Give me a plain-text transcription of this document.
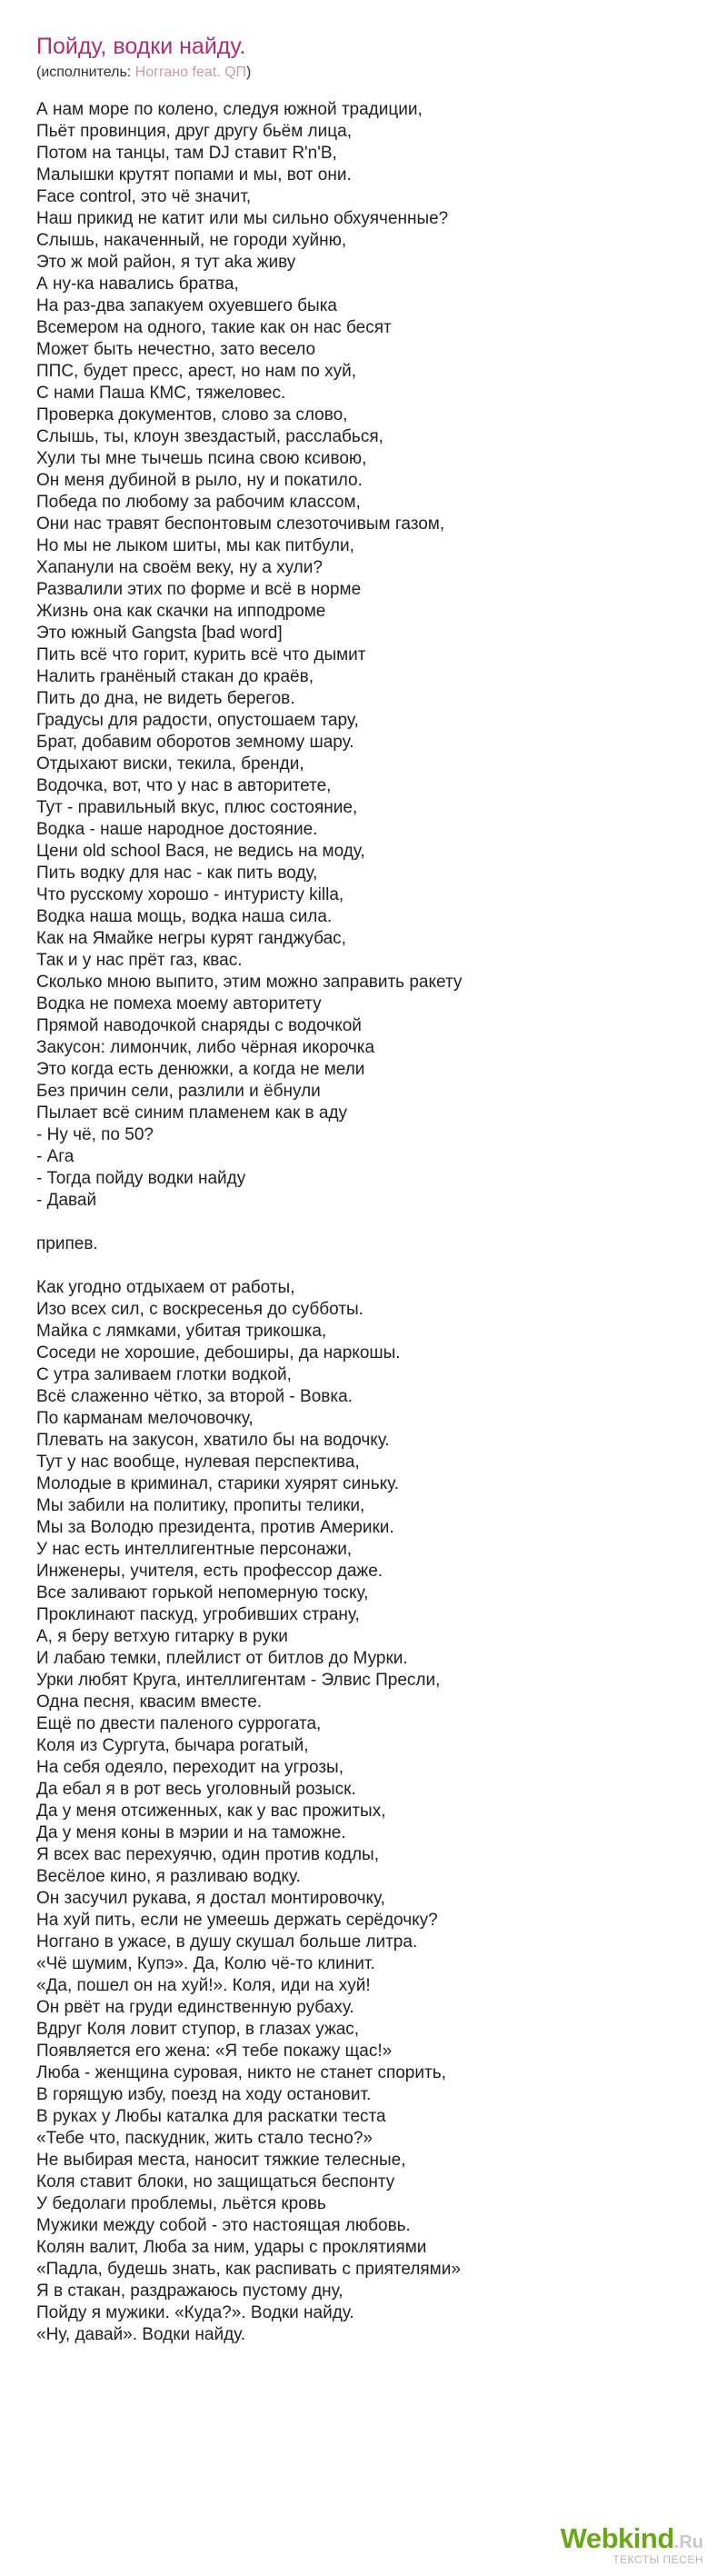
Пойду, водки найду.
(исполнитель: Ноггано feat. QП)
А нам море по колено, следуя южной традиции,
Пьёт провинция, друг другу бьём лица,
Потом на танцы, там DJ ставит R'n'B,
Малышки крутят попами и мы, вот они.
Face control, это чё значит,
Наш прикид не катит или мы сильно обхуяченные?
Слышь, накаченный, не городи хуйню,
Это ж мой район, я тут aka живу
А ну-ка навались братва,
На раз-два запакуем охуевшего быка
Всемером на одного, такие как он нас бесят
Может быть нечестно, зато весело
ППС, будет пресс, арест, но нам по хуй,
С нами Паша КМС, тяжеловес.
Проверка документов, слово за слово,
Слышь, ты, клоун звездастый, расслабься,
Хули ты мне тычешь псина свою ксивою,
Он меня дубиной в рыло, ну и покатило.
Победа по любому за рабочим классом,
Они нас травят беспонтовым слезоточивым газом,
Но мы не лыком шиты, мы как питбули,
Хапанули на своём веку, ну а хули?
Развалили этих по форме и всё в норме
Жизнь она как скачки на ипподроме
Это южный Gangsta [bad word]
Пить всё что горит, курить всё что дымит
Налить гранёный стакан до краёв,
Пить до дна, не видеть берегов.
Градусы для радости, опустошаем тару,
Брат, добавим оборотов земному шару.
Отдыхают виски, текила, бренди,
Водочка, вот, что у нас в авторитете,
Тут - правильный вкус, плюс состояние,
Водка - наше народное достояние.
Цени old school Вася, не ведись на моду,
Пить водку для нас - как пить воду,
Что русскому хорошо - интуристу killa,
Водка наша мощь, водка наша сила.
Как на Ямайке негры курят ганджубас,
Так и у нас прёт газ, квас.
Сколько мною выпито, этим можно заправить ракету
Водка не помеха моему авторитету
Прямой наводочкой снаряды с водочкой
Закусон: лимончик, либо чёрная икорочка
Это когда есть денюжки, а когда не мели
Без причин сели, разлили и ёбнули
Пылает всё синим пламенем как в аду
- Ну чё, по 50?
- Ага
- Тогда пойду водки найду
- Давай
припев.
Как угодно отдыхаем от работы,
Изо всех сил, с воскресенья до субботы.
Майка с лямками, убитая трикошка,
Соседи не хорошие, дебоширы, да наркошы.
С утра заливаем глотки водкой,
Всё слаженно чётко, за второй - Вовка.
По карманам мелочовочку,
Плевать на закусон, хватило бы на водочку.
Тут у нас вообще, нулевая перспектива,
Молодые в криминал, старики хуярят синьку.
Мы забили на политику, пропиты телики,
Мы за Володю президента, против Америки.
У нас есть интеллигентные персонажи,
Инженеры, учителя, есть профессор даже.
Все заливают горькой непомерную тоску,
Проклинают паскуд, угробивших страну,
А, я беру ветхую гитарку в руки
И лабаю темки, плейлист от битлов до Мурки.
Урки любят Круга, интеллигентам - Элвис Пресли,
Одна песня, квасим вместе.
Ещё по двести паленого суррогата,
Коля из Сургута, бычара рогатый,
На себя одеяло, переходит на угрозы,
Да ебал я в рот весь уголовный розыск.
Да у меня отсиженных, как у вас прожитых,
Да у меня коны в мэрии и на таможне.
Я всех вас перехуячю, один против кодлы,
Весёлое кино, я разливаю водку.
Он засучил рукава, я достал монтировочку,
На хуй пить, если не умеешь держать серёдочку?
Ноггано в ужасе, в душу скушал больше литра.
«Чё шумим, Купэ». Да, Колю чё-то клинит.
«Да, пошел он на хуй!». Коля, иди на хуй!
Он рвёт на груди единственную рубаху.
Вдруг Коля ловит ступор, в глазах ужас,
Появляется его жена: «Я тебе покажу щас!»
Люба - женщина суровая, никто не станет спорить,
В горящую избу, поезд на ходу остановит.
В руках у Любы каталка для раскатки теста
«Тебе что, паскудник, жить стало тесно?»
Не выбирая места, наносит тяжкие телесные,
Коля ставит блоки, но защищаться беспонту
У бедолаги проблемы, льётся кровь
Мужики между собой - это настоящая любовь.
Колян валит, Люба за ним, удары с проклятиями
«Падла, будешь знать, как распивать с приятелями»
Я в стакан, раздражаюсь пустому дну,
Пойду я мужики. «Куда?». Водки найду.
«Ну, давай». Водки найду.
Webkind.Ru
ТЕКСТЫ ПЕСЕН
